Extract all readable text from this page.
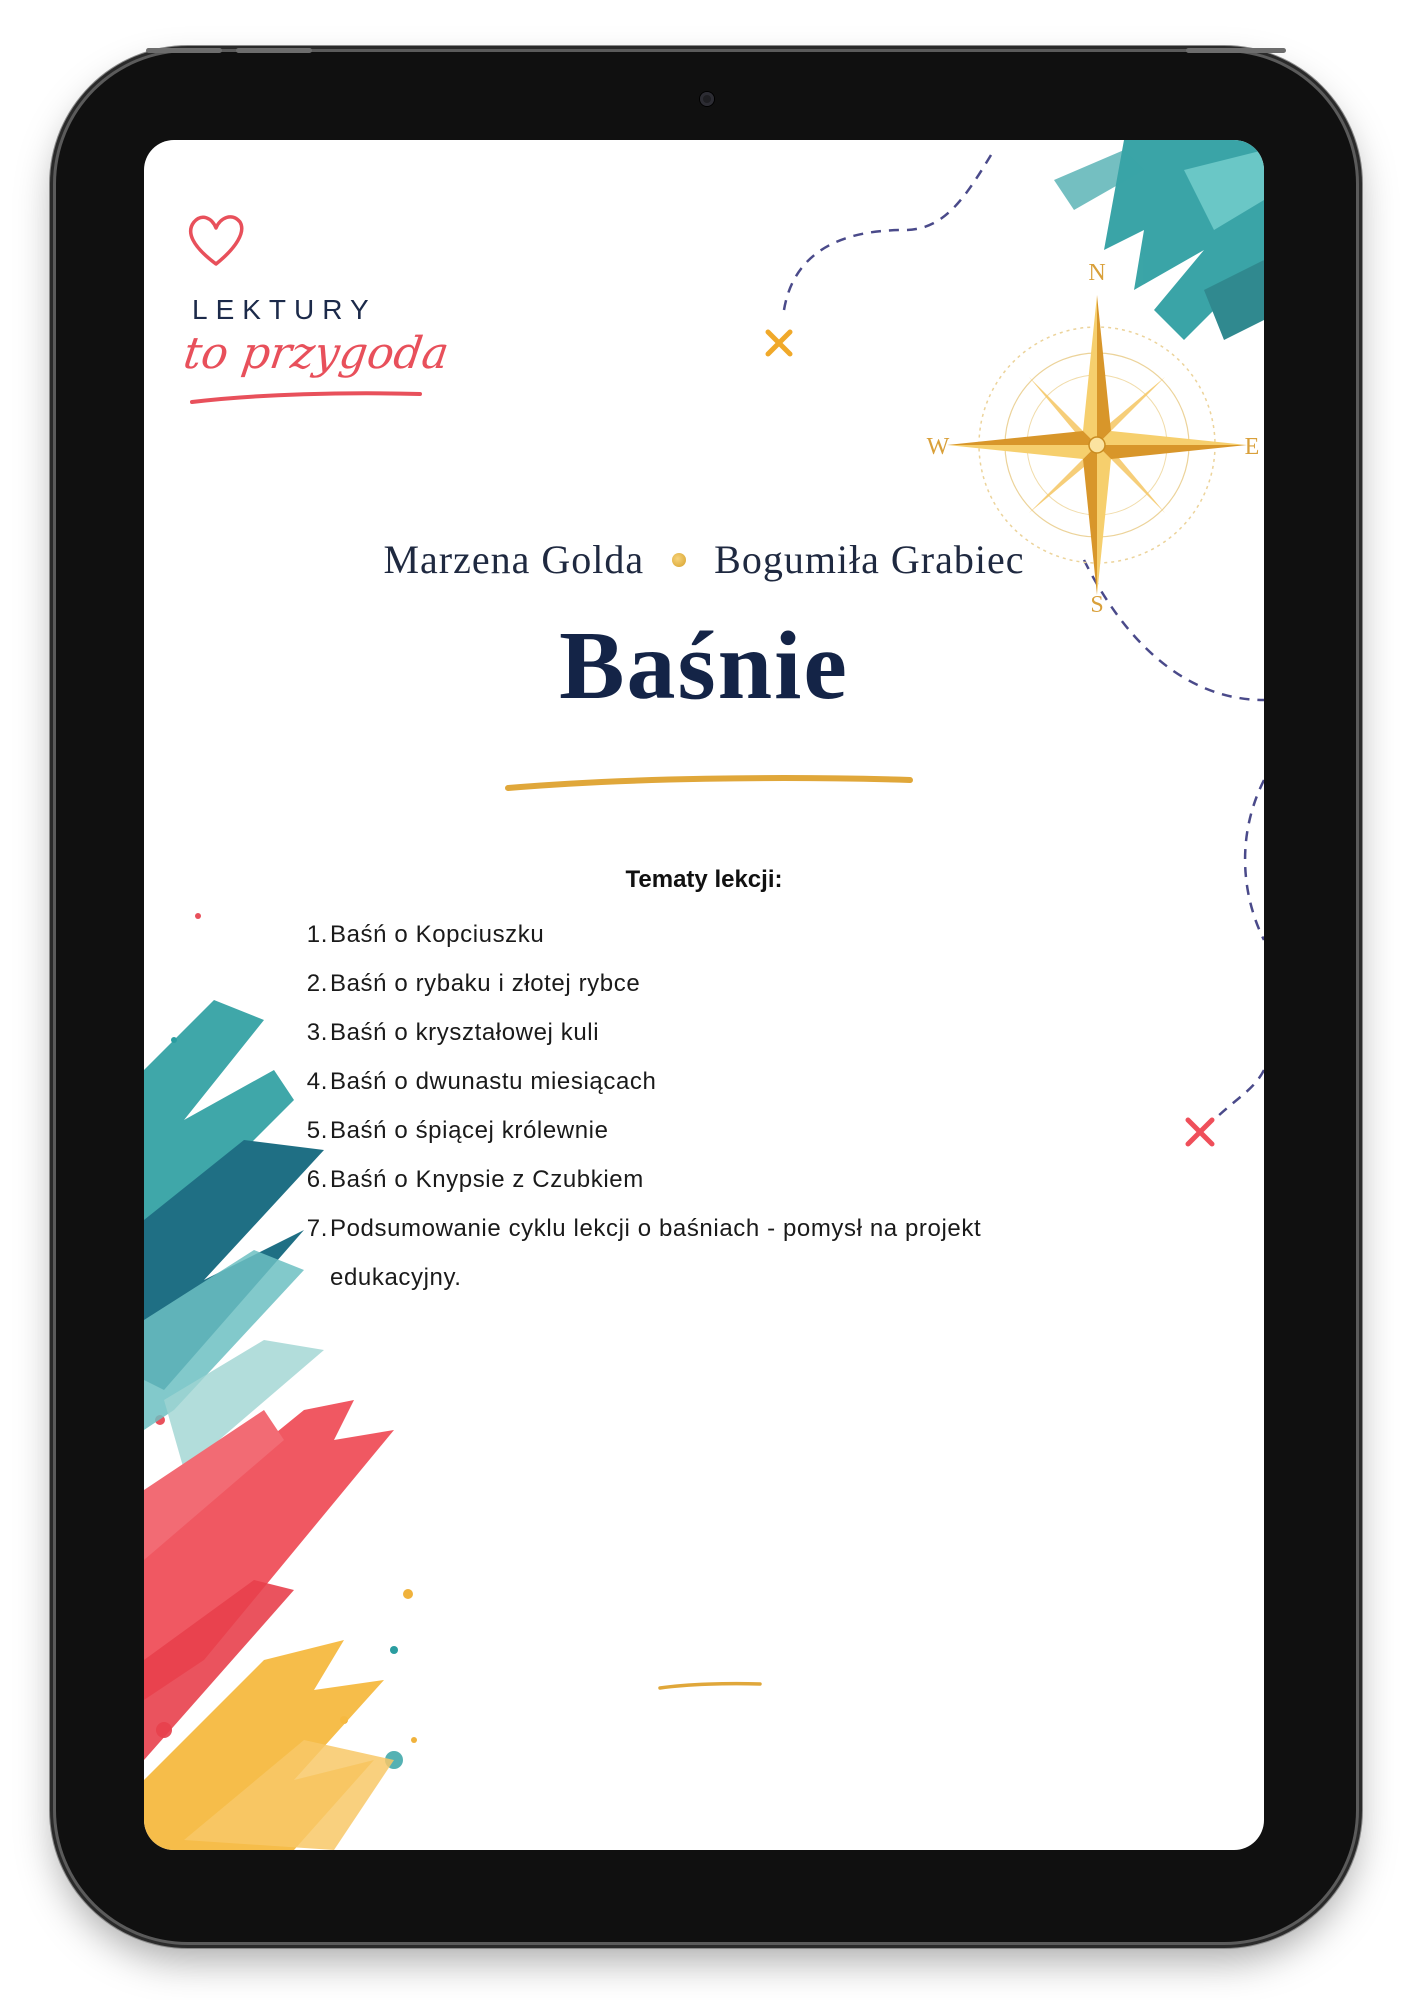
N
E
S
W
LEKTURY
to przygoda
Marzena Golda Bogumiła Grabiec
Baśnie
Tematy lekcji:
1. Baśń o Kopciuszku
2. Baśń o rybaku i złotej rybce
3. Baśń o kryształowej kuli
4. Baśń o dwunastu miesiącach
5. Baśń o śpiącej królewnie
6. Baśń o Knypsie z Czubkiem
7. Podsumowanie cyklu lekcji o baśniach - pomysł na projekt
edukacyjny.
